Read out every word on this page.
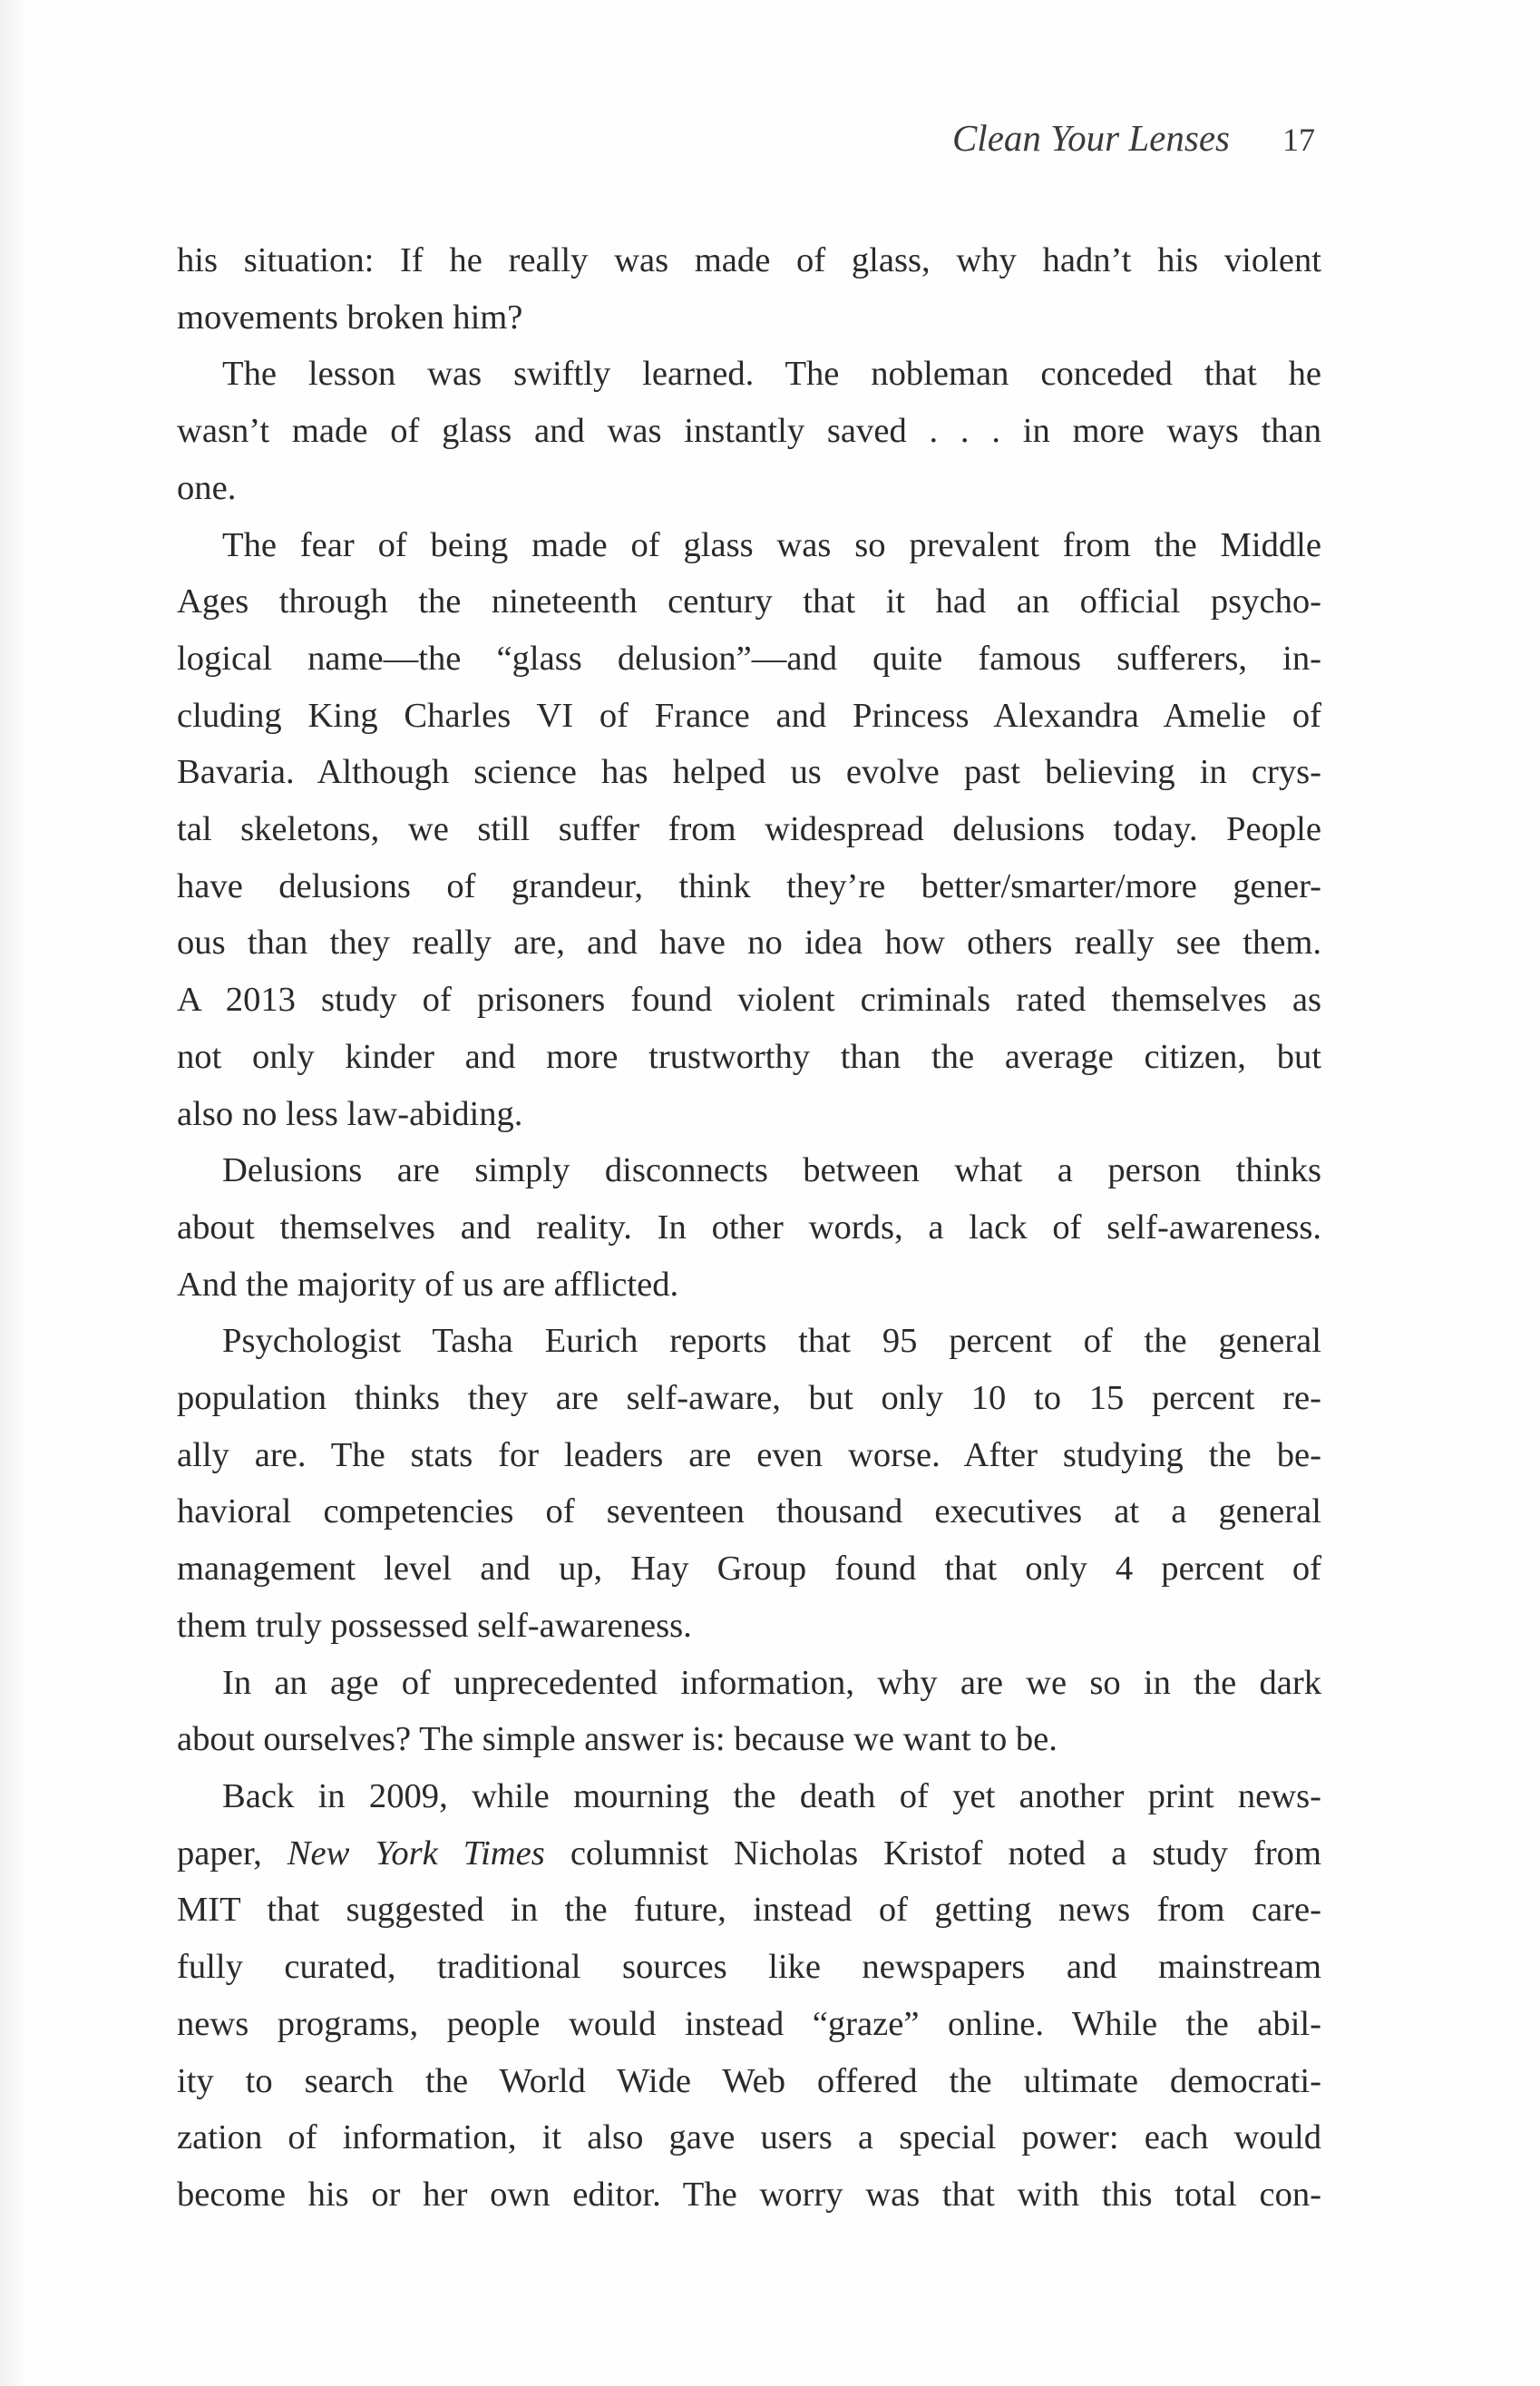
Clean Your Lenses 17
his situation: If he really was made of glass, why hadn’t his violent
movements broken him?
The lesson was swiftly learned. The nobleman conceded that he
wasn’t made of glass and was instantly saved . . . in more ways than
one.
The fear of being made of glass was so prevalent from the Middle
Ages through the nineteenth century that it had an official psycho-
logical name—the “glass delusion”—and quite famous sufferers, in-
cluding King Charles VI of France and Princess Alexandra Amelie of
Bavaria. Although science has helped us evolve past believing in crys-
tal skeletons, we still suffer from widespread delusions today. People
have delusions of grandeur, think they’re better/smarter/more gener-
ous than they really are, and have no idea how others really see them.
A 2013 study of prisoners found violent criminals rated themselves as
not only kinder and more trustworthy than the average citizen, but
also no less law-abiding.
Delusions are simply disconnects between what a person thinks
about themselves and reality. In other words, a lack of self-awareness.
And the majority of us are afflicted.
Psychologist Tasha Eurich reports that 95 percent of the general
population thinks they are self-aware, but only 10 to 15 percent re-
ally are. The stats for leaders are even worse. After studying the be-
havioral competencies of seventeen thousand executives at a general
management level and up, Hay Group found that only 4 percent of
them truly possessed self-awareness.
In an age of unprecedented information, why are we so in the dark
about ourselves? The simple answer is: because we want to be.
Back in 2009, while mourning the death of yet another print news-
paper, New York Times columnist Nicholas Kristof noted a study from
MIT that suggested in the future, instead of getting news from care-
fully curated, traditional sources like newspapers and mainstream
news programs, people would instead “graze” online. While the abil-
ity to search the World Wide Web offered the ultimate democrati-
zation of information, it also gave users a special power: each would
become his or her own editor. The worry was that with this total con-
